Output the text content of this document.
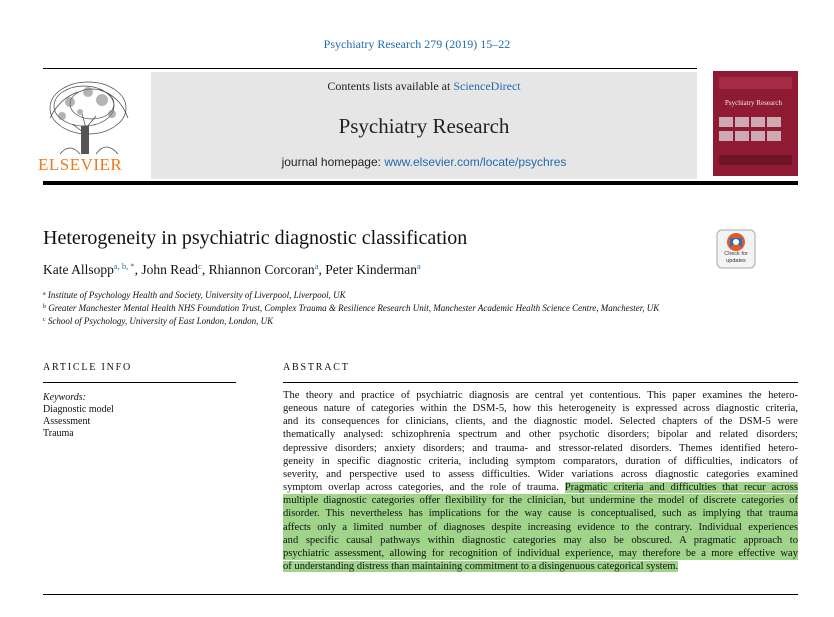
Psychiatry Research 279 (2019) 15–22
ELSEVIER
Contents lists available at ScienceDirect
Psychiatry Research
journal homepage: www.elsevier.com/locate/psychres
Psychiatry Research
Heterogeneity in psychiatric diagnostic classification
Kate Allsopp$^{a, b, *}$, John Read$^c$, Rhiannon Corcoran$^a$, Peter Kinderman$^a$
Check for
updates
$^a$ Institute of Psychology Health and Society, University of Liverpool, Liverpool, UK
$^b$ Greater Manchester Mental Health NHS Foundation Trust, Complex Trauma & Resilience Research Unit, Manchester Academic Health Science Centre, Manchester, UK
$^c$ School of Psychology, University of East London, London, UK
ARTICLE INFO
Keywords:
Diagnostic model
Assessment
Trauma
ABSTRACT
The theory and practice of psychiatric diagnosis are central yet contentious. This paper examines the hetero-
geneous nature of categories within the DSM-5, how this heterogeneity is expressed across diagnostic criteria,
and its consequences for clinicians, clients, and the diagnostic model. Selected chapters of the DSM-5 were
thematically analysed: schizophrenia spectrum and other psychotic disorders; bipolar and related disorders;
depressive disorders; anxiety disorders; and trauma- and stressor-related disorders. Themes identified hetero-
geneity in specific diagnostic criteria, including symptom comparators, duration of difficulties, indicators of
severity, and perspective used to assess difficulties. Wider variations across diagnostic categories examined
symptom overlap across categories, and the role of trauma. Pragmatic criteria and difficulties that recur across
multiple diagnostic categories offer flexibility for the clinician, but undermine the model of discrete categories of
disorder. This nevertheless has implications for the way cause is conceptualised, such as implying that trauma
affects only a limited number of diagnoses despite increasing evidence to the contrary. Individual experiences
and specific causal pathways within diagnostic categories may also be obscured. A pragmatic approach to
psychiatric assessment, allowing for recognition of individual experience, may therefore be a more effective way
of understanding distress than maintaining commitment to a disingenuous categorical system.
